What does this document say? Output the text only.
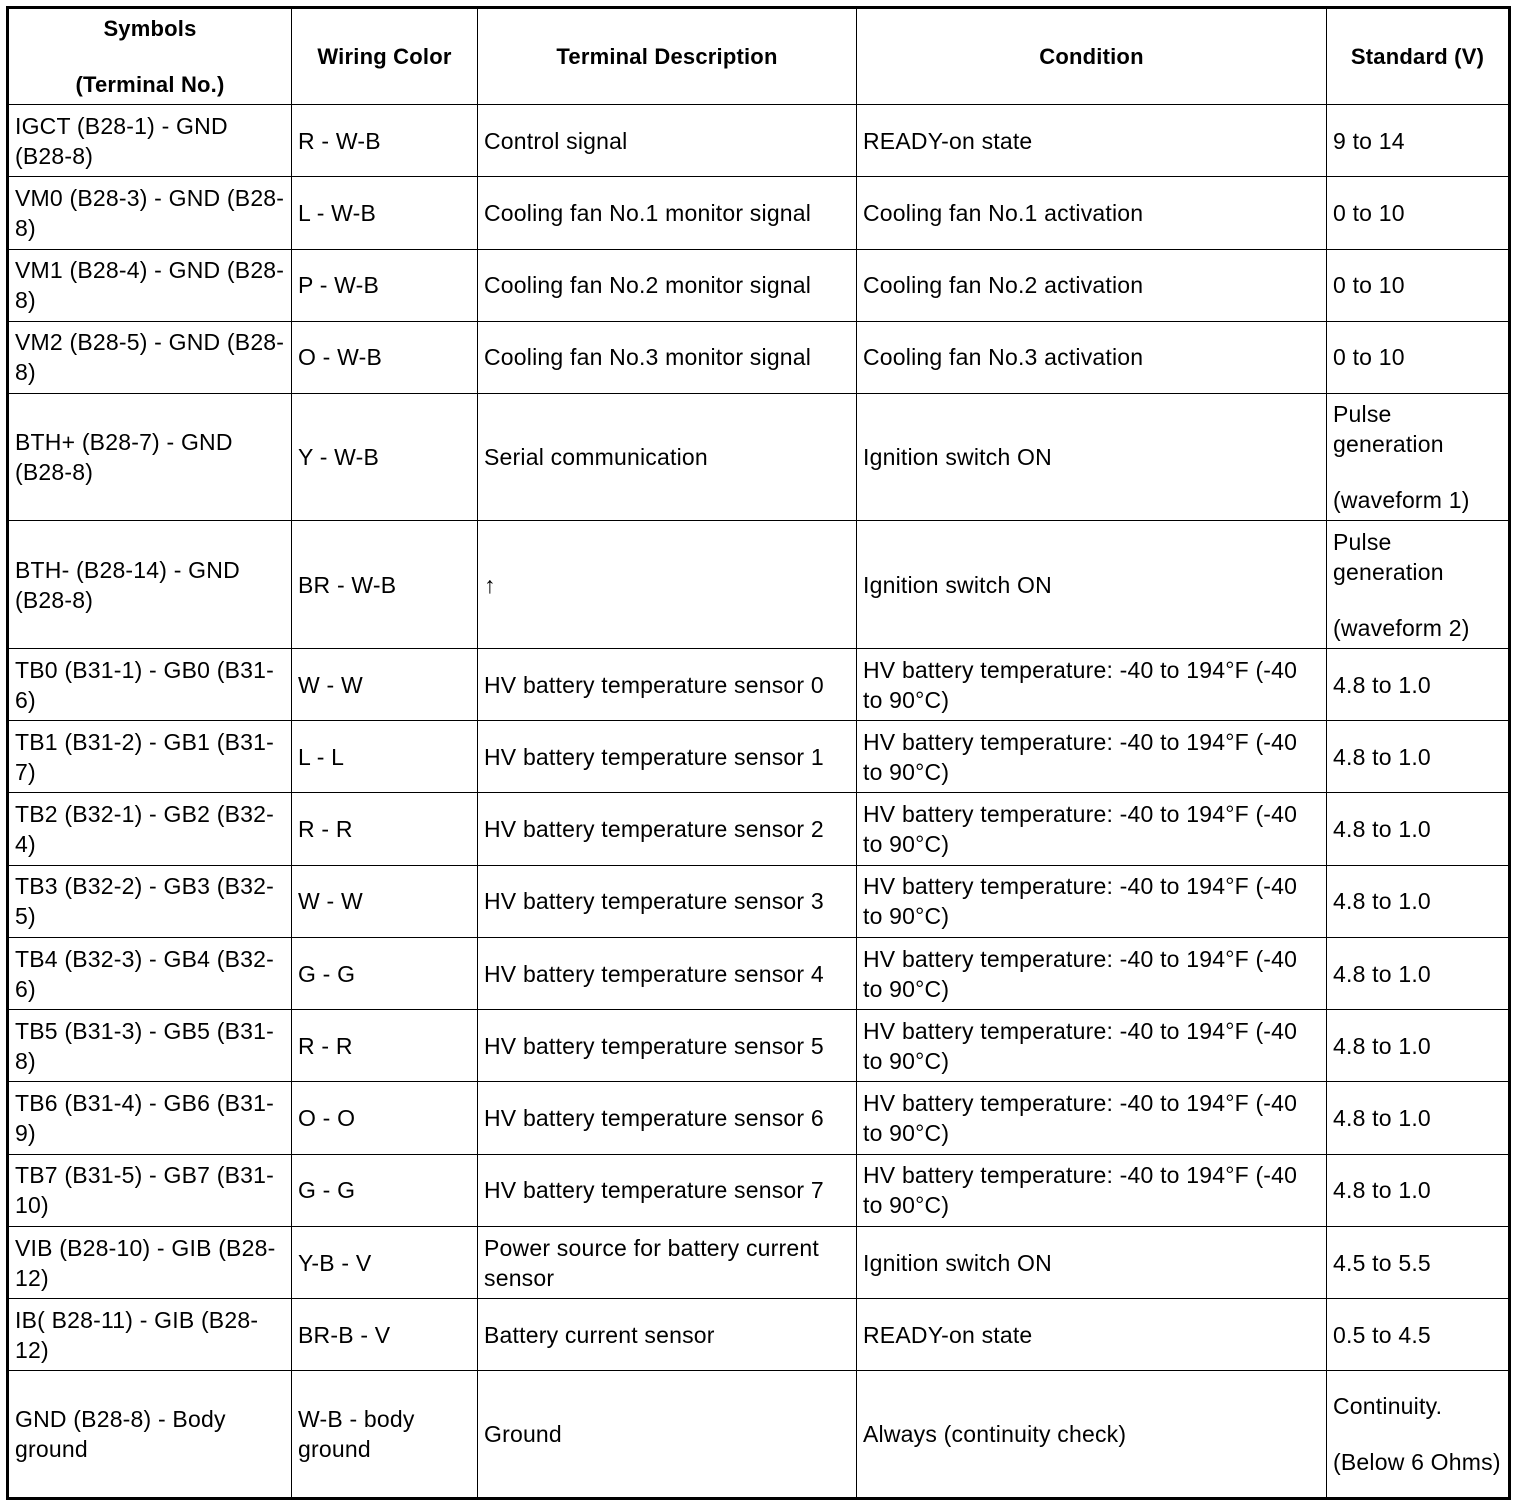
Symbols
(Terminal No.)	Wiring Color	Terminal Description	Condition	Standard (V)
IGCT (B28-1) - GND (B28-8)	R - W-B	Control signal	READY-on state	9 to 14
VM0 (B28-3) - GND (B28-8)	L - W-B	Cooling fan No.1 monitor signal	Cooling fan No.1 activation	0 to 10
VM1 (B28-4) - GND (B28-8)	P - W-B	Cooling fan No.2 monitor signal	Cooling fan No.2 activation	0 to 10
VM2 (B28-5) - GND (B28-8)	O - W-B	Cooling fan No.3 monitor signal	Cooling fan No.3 activation	0 to 10
BTH+ (B28-7) - GND (B28-8)	Y - W-B	Serial communication	Ignition switch ON	Pulse generation
(waveform 1)

BTH- (B28-14) - GND (B28-8)	BR - W-B	↑	Ignition switch ON	Pulse generation
(waveform 2)

TB0 (B31-1) - GB0 (B31-6)	W - W	HV battery temperature sensor 0	HV battery temperature: -40 to 194°F (-40 to 90°C)	4.8 to 1.0
TB1 (B31-2) - GB1 (B31-7)	L - L	HV battery temperature sensor 1	HV battery temperature: -40 to 194°F (-40 to 90°C)	4.8 to 1.0
TB2 (B32-1) - GB2 (B32-4)	R - R	HV battery temperature sensor 2	HV battery temperature: -40 to 194°F (-40 to 90°C)	4.8 to 1.0
TB3 (B32-2) - GB3 (B32-5)	W - W	HV battery temperature sensor 3	HV battery temperature: -40 to 194°F (-40 to 90°C)	4.8 to 1.0
TB4 (B32-3) - GB4 (B32-6)	G - G	HV battery temperature sensor 4	HV battery temperature: -40 to 194°F (-40 to 90°C)	4.8 to 1.0
TB5 (B31-3) - GB5 (B31-8)	R - R	HV battery temperature sensor 5	HV battery temperature: -40 to 194°F (-40 to 90°C)	4.8 to 1.0
TB6 (B31-4) - GB6 (B31-9)	O - O	HV battery temperature sensor 6	HV battery temperature: -40 to 194°F (-40 to 90°C)	4.8 to 1.0
TB7 (B31-5) - GB7 (B31-10)	G - G	HV battery temperature sensor 7	HV battery temperature: -40 to 194°F (-40 to 90°C)	4.8 to 1.0
VIB (B28-10) - GIB (B28-12)	Y-B - V	Power source for battery current sensor	Ignition switch ON	4.5 to 5.5
IB( B28-11) - GIB (B28-12)	BR-B - V	Battery current sensor	READY-on state	0.5 to 4.5
GND (B28-8) - Body ground	W-B - body ground	Ground	Always (continuity check)	Continuity.
(Below 6 Ohms)
